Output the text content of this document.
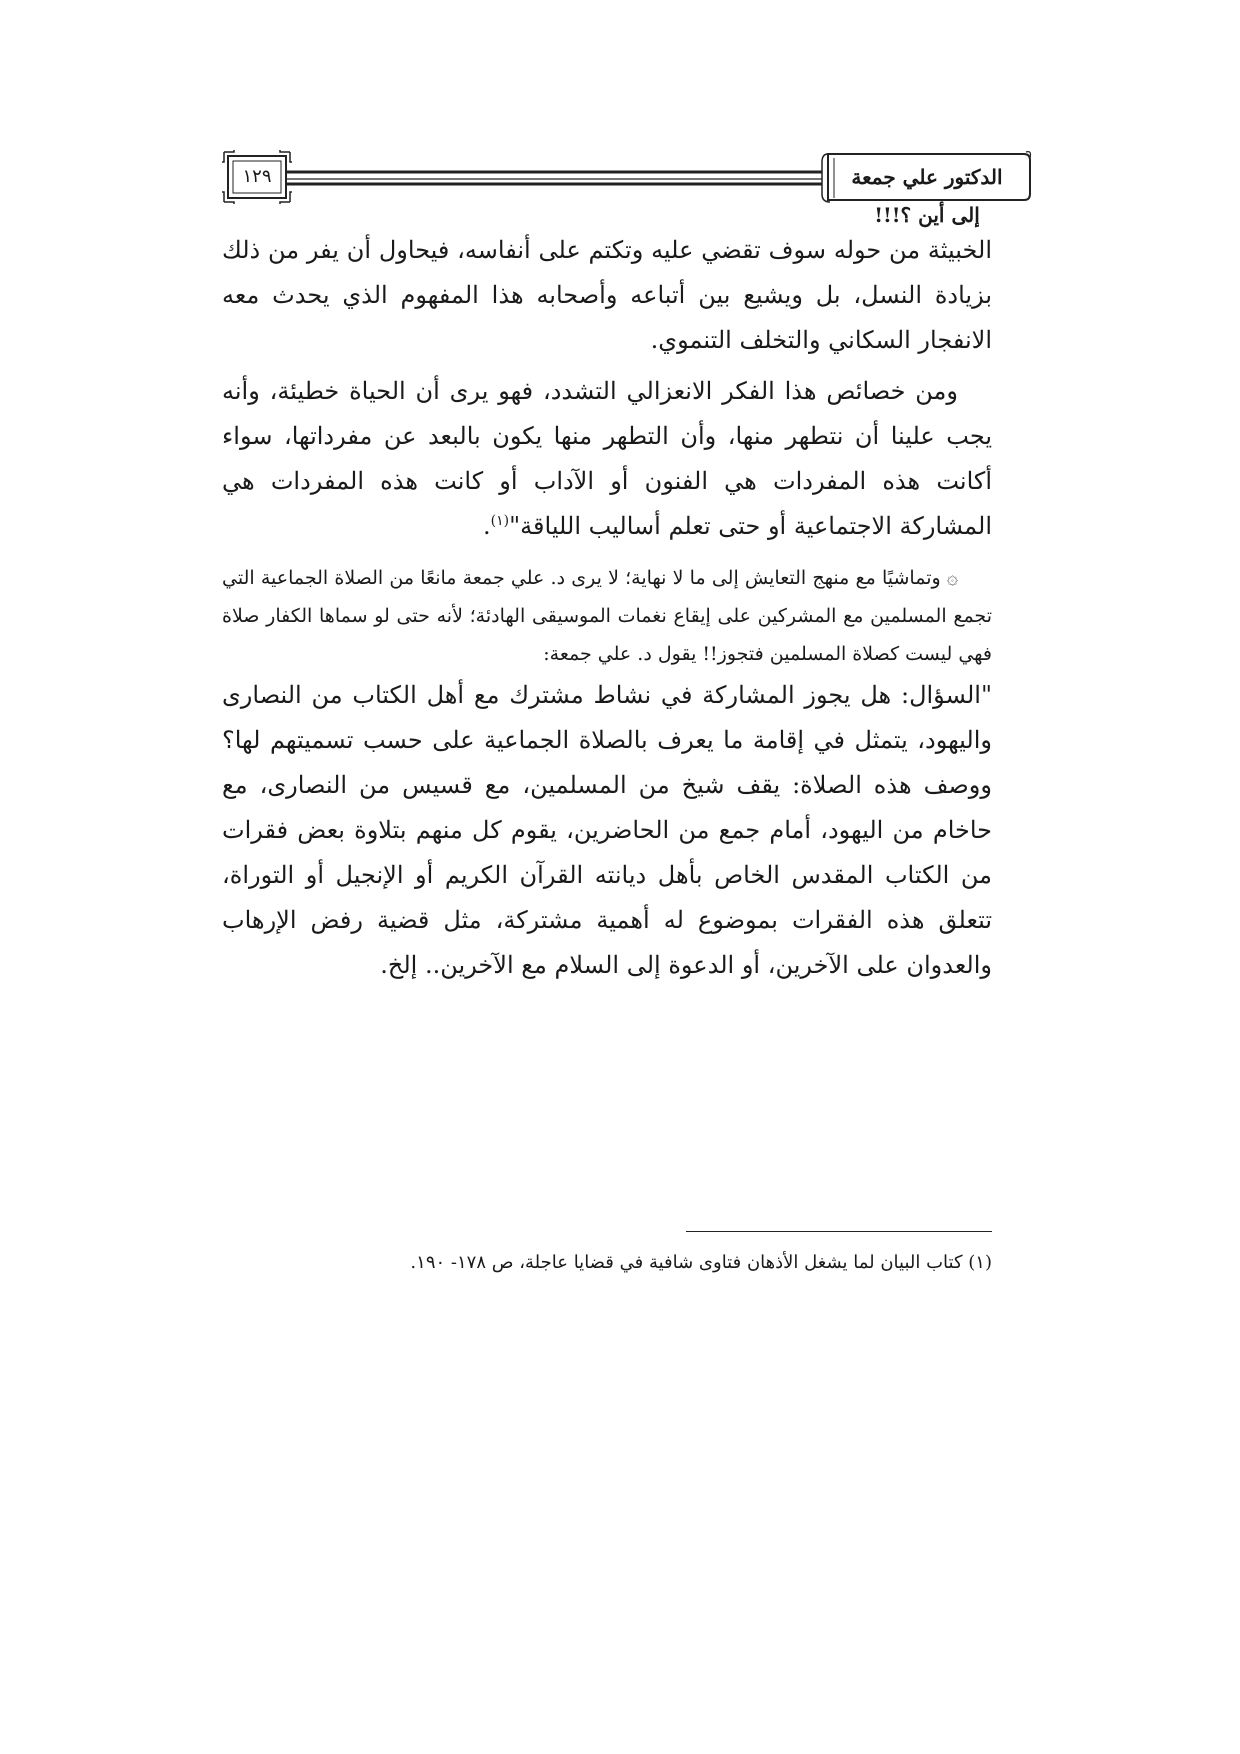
١٢٩	الدكتور علي جمعة إلى أين ؟!!!

الخبيثة من حوله سوف تقضي عليه وتكتم على أنفاسه، فيحاول أن يفر من ذلك بزيادة النسل، بل ويشيع بين أتباعه وأصحابه هذا المفهوم الذي يحدث معه الانفجار السكاني والتخلف التنموي.

ومن خصائص هذا الفكر الانعزالي التشدد، فهو يرى أن الحياة خطيئة، وأنه يجب علينا أن نتطهر منها، وأن التطهر منها يكون بالبعد عن مفرداتها، سواء أكانت هذه المفردات هي الفنون أو الآداب أو كانت هذه المفردات هي المشاركة الاجتماعية أو حتى تعلم أساليب اللياقة"$^{(١)}$.

۞ وتماشيًا مع منهج التعايش إلى ما لا نهاية؛ لا يرى د. علي جمعة مانعًا من الصلاة الجماعية التي تجمع المسلمين مع المشركين على إيقاع نغمات الموسيقى الهادئة؛ لأنه حتى لو سماها الكفار صلاة فهي ليست كصلاة المسلمين فتجوز!! يقول د. علي جمعة:

"السؤال: هل يجوز المشاركة في نشاط مشترك مع أهل الكتاب من النصارى واليهود، يتمثل في إقامة ما يعرف بالصلاة الجماعية على حسب تسميتهم لها؟ ووصف هذه الصلاة: يقف شيخ من المسلمين، مع قسيس من النصارى، مع حاخام من اليهود، أمام جمع من الحاضرين، يقوم كل منهم بتلاوة بعض فقرات من الكتاب المقدس الخاص بأهل ديانته القرآن الكريم أو الإنجيل أو التوراة، تتعلق هذه الفقرات بموضوع له أهمية مشتركة، مثل قضية رفض الإرهاب والعدوان على الآخرين، أو الدعوة إلى السلام مع الآخرين.. إلخ.

(١) كتاب البيان لما يشغل الأذهان فتاوى شافية في قضايا عاجلة، ص ١٧٨- ١٩٠.
